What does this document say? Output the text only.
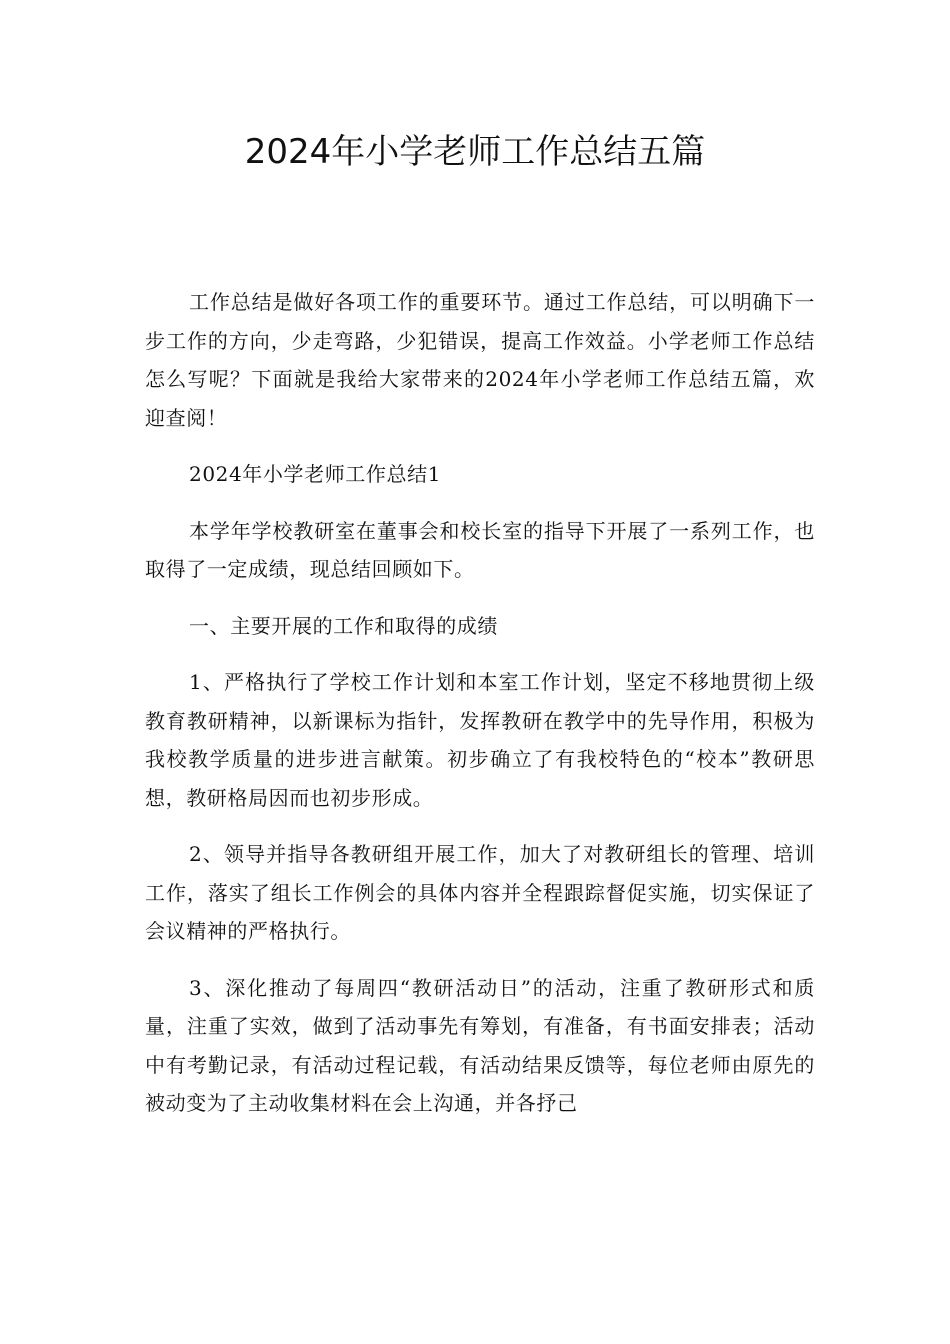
2024年小学老师工作总结五篇

工作总结是做好各项工作的重要环节。通过工作总结，可以明确下一步工作的方向，少走弯路，少犯错误，提高工作效益。小学老师工作总结怎么写呢？下面就是我给大家带来的2024年小学老师工作总结五篇，欢迎查阅！

2024年小学老师工作总结1

本学年学校教研室在董事会和校长室的指导下开展了一系列工作，也取得了一定成绩，现总结回顾如下。

一、主要开展的工作和取得的成绩

1、严格执行了学校工作计划和本室工作计划，坚定不移地贯彻上级教育教研精神，以新课标为指针，发挥教研在教学中的先导作用，积极为我校教学质量的进步进言献策。初步确立了有我校特色的“校本”教研思想，教研格局因而也初步形成。

2、领导并指导各教研组开展工作，加大了对教研组长的管理、培训工作，落实了组长工作例会的具体内容并全程跟踪督促实施，切实保证了会议精神的严格执行。

3、深化推动了每周四“教研活动日”的活动，注重了教研形式和质量，注重了实效，做到了活动事先有筹划，有准备，有书面安排表；活动中有考勤记录，有活动过程记载，有活动结果反馈等，每位老师由原先的被动变为了主动收集材料在会上沟通，并各抒己
